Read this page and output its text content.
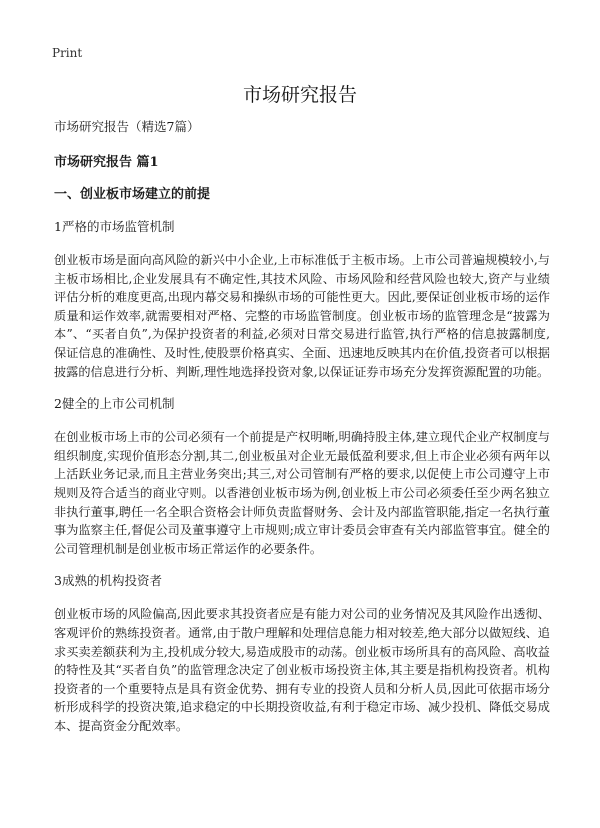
Print
市场研究报告

市场研究报告（精选7篇）

市场研究报告 篇1

一、创业板市场建立的前提

1严格的市场监管机制

创业板市场是面向高风险的新兴中小企业,上市标准低于主板市场。上市公司普遍规模较小,与主板市场相比,企业发展具有不确定性,其技术风险、市场风险和经营风险也较大,资产与业绩评估分析的难度更高,出现内幕交易和操纵市场的可能性更大。因此,要保证创业板市场的运作质量和运作效率,就需要相对严格、完整的市场监管制度。创业板市场的监管理念是“披露为本”、“买者自负”,为保护投资者的利益,必须对日常交易进行监管,执行严格的信息披露制度,保证信息的准确性、及时性,使股票价格真实、全面、迅速地反映其内在价值,投资者可以根据披露的信息进行分析、判断,理性地选择投资对象,以保证证券市场充分发挥资源配置的功能。

2健全的上市公司机制

在创业板市场上市的公司必须有一个前提是产权明晰,明确持股主体,建立现代企业产权制度与组织制度,实现价值形态分割,其二,创业板虽对企业无最低盈利要求,但上市企业必须有两年以上活跃业务记录,而且主营业务突出;其三,对公司管制有严格的要求,以促使上市公司遵守上市规则及符合适当的商业守则。以香港创业板市场为例,创业板上市公司必须委任至少两名独立非执行董事,聘任一名全职合资格会计师负责监督财务、会计及内部监管职能,指定一名执行董事为监察主任,督促公司及董事遵守上市规则;成立审计委员会审查有关内部监管事宜。健全的公司管理机制是创业板市场正常运作的必要条件。

3成熟的机构投资者

创业板市场的风险偏高,因此要求其投资者应是有能力对公司的业务情况及其风险作出透彻、客观评价的熟练投资者。通常,由于散户理解和处理信息能力相对较差,绝大部分以做短线、追求买卖差额获利为主,投机成分较大,易造成股市的动荡。创业板市场所具有的高风险、高收益的特性及其“买者自负”的监管理念决定了创业板市场投资主体,其主要是指机构投资者。机构投资者的一个重要特点是具有资金优势、拥有专业的投资人员和分析人员,因此可依据市场分析形成科学的投资决策,追求稳定的中长期投资收益,有利于稳定市场、减少投机、降低交易成本、提高资金分配效率。
